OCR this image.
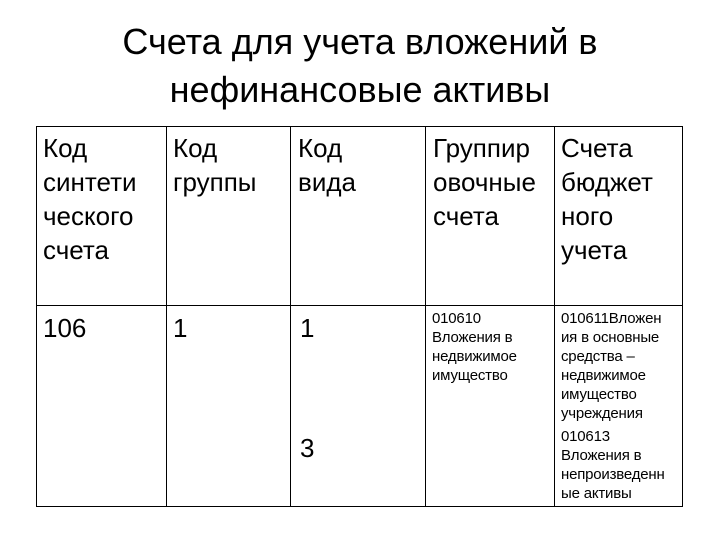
Счета для учета вложений в
нефинансовые активы
Код
синтети
ческого
счета
Код
группы
Код
вида
Группир
овочные
счета
Счета
бюджет
ного
учета
106	1	1
3
010610
Вложения в
недвижимое
имущество
010611Вложен
ия в основные
средства –
недвижимое
имущество
учреждения
010613
Вложения в
непроизведенн
ые активы
